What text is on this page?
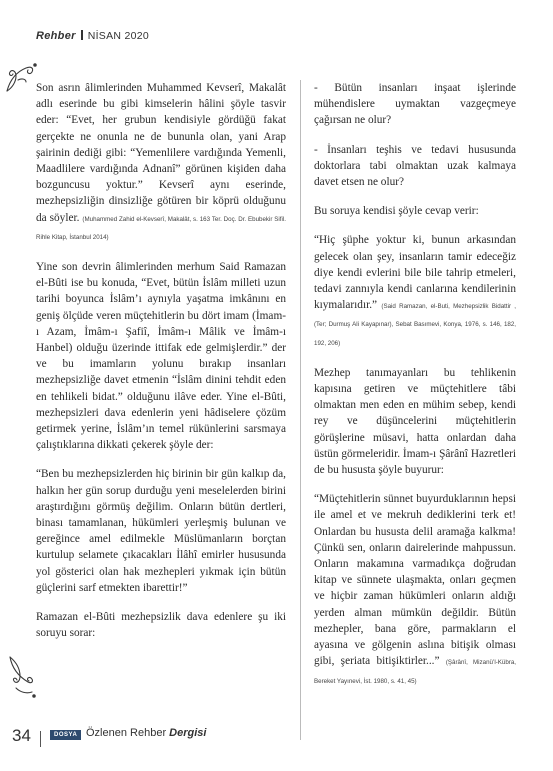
Rehber NİSAN 2020

Son asrın âlimlerinden Muhammed Kevserî, Makalât adlı eserinde bu gibi kimselerin hâlini şöyle tasvir eder: “Evet, her grubun kendisiyle gördüğü fakat gerçekte ne onunla ne de bununla olan, yani Arap şairinin dediği gibi: “Yemenlilere vardığında Yemenli, Maadlilere vardığında Adnanî” görünen kişiden daha bozguncusu yoktur.” Kevserî aynı eserinde, mezhepsizliğin dinsizliğe götüren bir köprü olduğunu da söyler. (Muhammed Zahid el-Kevserî, Makalât, s. 163 Ter. Doç. Dr. Ebubekir Sifil. Rihle Kitap, İstanbul 2014)

Yine son devrin âlimlerinden merhum Said Ramazan el-Bûti ise bu konuda, “Evet, bütün İslâm milleti uzun tarihi boyunca İslâm’ı aynıyla yaşatma imkânını en geniş ölçüde veren müçtehitlerin bu dört imam (İmam-ı Azam, İmâm-ı Şafiî, İmâm-ı Mâlik ve İmâm-ı Hanbel) olduğu üzerinde ittifak ede gelmişlerdir.” der ve bu imamların yolunu bırakıp insanları mezhepsizliğe davet etmenin “İslâm dinini tehdit eden en tehlikeli bidat.” olduğunu ilâve eder. Yine el-Bûti, mezhepsizleri dava edenlerin yeni hâdiselere çözüm getirmek yerine, İslâm’ın temel rükünlerini sarsmaya çalıştıklarına dikkati çekerek şöyle der:

“Ben bu mezhepsizlerden hiç birinin bir gün kalkıp da, halkın her gün sorup durduğu yeni meselelerden birini araştırdığını görmüş değilim. Onların bütün dertleri, binası tamamlanan, hükümleri yerleşmiş bulunan ve gereğince amel edilmekle Müslümanların borçtan kurtulup selamete çıkacakları İlâhî emirler hususunda yol gösterici olan hak mezhepleri yıkmak için bütün güçlerini sarf etmekten ibarettir!”

Ramazan el-Bûti mezhepsizlik dava edenlere şu iki soruyu sorar:

- Bütün insanları inşaat işlerinde mühendislere uymaktan vazgeçmeye çağırsan ne olur?

- İnsanları teşhis ve tedavi hususunda doktorlara tabi olmaktan uzak kalmaya davet etsen ne olur?

Bu soruya kendisi şöyle cevap verir:

“Hiç şüphe yoktur ki, bunun arkasından gelecek olan şey, insanların tamir edeceğiz diye kendi evlerini bile bile tahrip etmeleri, tedavi zannıyla kendi canlarına kendilerinin kıymalarıdır.” (Said Ramazan, el-Buti, Mezhepsizlik Bidattir , (Ter; Durmuş Ali Kayapınar), Sebat Basımevi, Konya, 1976, s. 146, 182, 192, 206)

Mezhep tanımayanları bu tehlikenin kapısına getiren ve müçtehitlere tâbi olmaktan men eden en mühim sebep, kendi rey ve düşüncelerini müçtehitlerin görüşlerine müsavi, hatta onlardan daha üstün görmeleridir. İmam-ı Şârânî Hazretleri de bu hususta şöyle buyurur:

“Müçtehitlerin sünnet buyurduklarının hepsi ile amel et ve mekruh dediklerini terk et! Onlardan bu hususta delil aramağa kalkma! Çünkü sen, onların dairelerinde mahpussun. Onların makamına varmadıkça doğrudan kitap ve sünnete ulaşmakta, onları geçmen ve hiçbir zaman hükümleri onların aldığı yerden alman mümkün değildir. Bütün mezhepler, bana göre, parmakların el ayasına ve gölgenin aslına bitişik olması gibi, şeriata bitişiktirler...” (Şârânî, Mizanü’l-Kübra, Bereket Yayınevi, İst. 1980, s. 41, 45)

34	DOSYA Özlenen Rehber Dergisi
